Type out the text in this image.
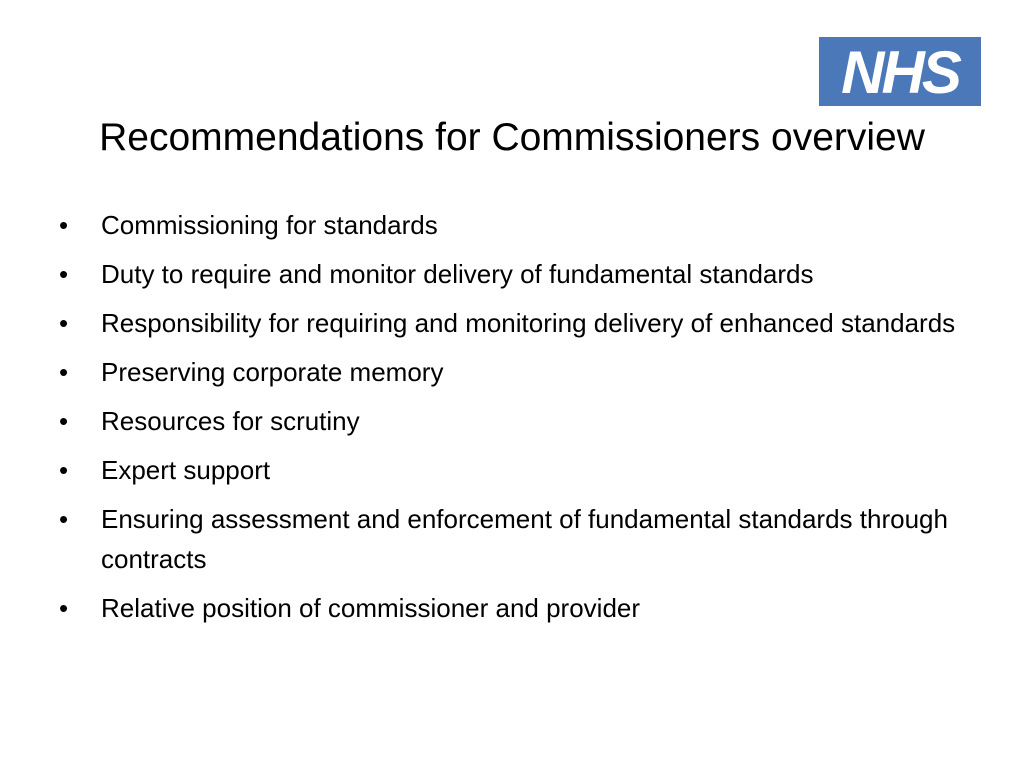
NHS
Recommendations for Commissioners overview
• Commissioning for standards
• Duty to require and monitor delivery of fundamental standards
• Responsibility for requiring and monitoring delivery of enhanced standards
• Preserving corporate memory
• Resources for scrutiny
• Expert support
• Ensuring assessment and enforcement of fundamental standards through contracts
• Relative position of commissioner and provider
